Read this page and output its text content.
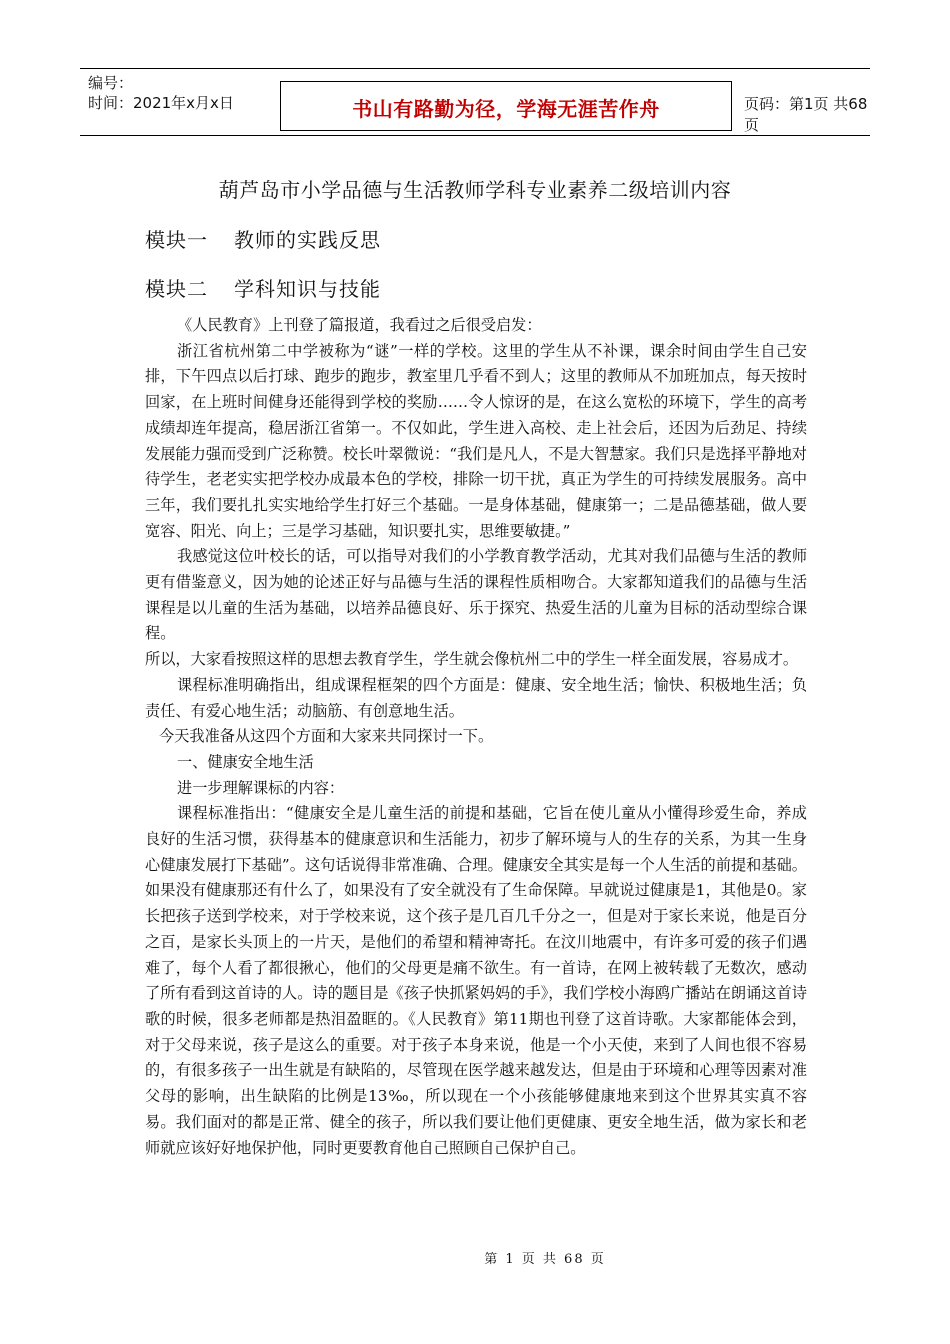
编号：
时间：2021年x月x日	书山有路勤为径，学海无涯苦作舟	页码：第1页 共68页
葫芦岛市小学品德与生活教师学科专业素养二级培训内容
模块一 教师的实践反思
模块二 学科知识与技能

《人民教育》上刊登了篇报道，我看过之后很受启发：

浙江省杭州第二中学被称为“谜”一样的学校。这里的学生从不补课，课余时间由学生自己安排，下午四点以后打球、跑步的跑步，教室里几乎看不到人；这里的教师从不加班加点，每天按时回家，在上班时间健身还能得到学校的奖励……令人惊讶的是，在这么宽松的环境下，学生的高考成绩却连年提高，稳居浙江省第一。不仅如此，学生进入高校、走上社会后，还因为后劲足、持续发展能力强而受到广泛称赞。校长叶翠微说：“我们是凡人，不是大智慧家。我们只是选择平静地对待学生，老老实实把学校办成最本色的学校，排除一切干扰，真正为学生的可持续发展服务。高中三年，我们要扎扎实实地给学生打好三个基础。一是身体基础，健康第一；二是品德基础，做人要宽容、阳光、向上；三是学习基础，知识要扎实，思维要敏捷。”

我感觉这位叶校长的话，可以指导对我们的小学教育教学活动，尤其对我们品德与生活的教师更有借鉴意义，因为她的论述正好与品德与生活的课程性质相吻合。大家都知道我们的品德与生活课程是以儿童的生活为基础，以培养品德良好、乐于探究、热爱生活的儿童为目标的活动型综合课程。

所以，大家看按照这样的思想去教育学生，学生就会像杭州二中的学生一样全面发展，容易成才。

课程标准明确指出，组成课程框架的四个方面是：健康、安全地生活；愉快、积极地生活；负责任、有爱心地生活；动脑筋、有创意地生活。

今天我准备从这四个方面和大家来共同探讨一下。

一、健康安全地生活

进一步理解课标的内容：

课程标准指出：“健康安全是儿童生活的前提和基础，它旨在使儿童从小懂得珍爱生命，养成良好的生活习惯，获得基本的健康意识和生活能力，初步了解环境与人的生存的关系，为其一生身心健康发展打下基础”。这句话说得非常准确、合理。健康安全其实是每一个人生活的前提和基础。如果没有健康那还有什么了，如果没有了安全就没有了生命保障。早就说过健康是1，其他是0。家长把孩子送到学校来，对于学校来说，这个孩子是几百几千分之一，但是对于家长来说，他是百分之百，是家长头顶上的一片天，是他们的希望和精神寄托。在汶川地震中，有许多可爱的孩子们遇难了，每个人看了都很揪心，他们的父母更是痛不欲生。有一首诗，在网上被转载了无数次，感动了所有看到这首诗的人。诗的题目是《孩子快抓紧妈妈的手》，我们学校小海鸥广播站在朗诵这首诗歌的时候，很多老师都是热泪盈眶的。《人民教育》第11期也刊登了这首诗歌。大家都能体会到，对于父母来说，孩子是这么的重要。对于孩子本身来说，他是一个小天使，来到了人间也很不容易的，有很多孩子一出生就是有缺陷的，尽管现在医学越来越发达，但是由于环境和心理等因素对准父母的影响，出生缺陷的比例是13‰，所以现在一个小孩能够健康地来到这个世界其实真不容易。我们面对的都是正常、健全的孩子，所以我们要让他们更健康、更安全地生活，做为家长和老师就应该好好地保护他，同时更要教育他自己照顾自己保护自己。

第 1 页 共 68 页
